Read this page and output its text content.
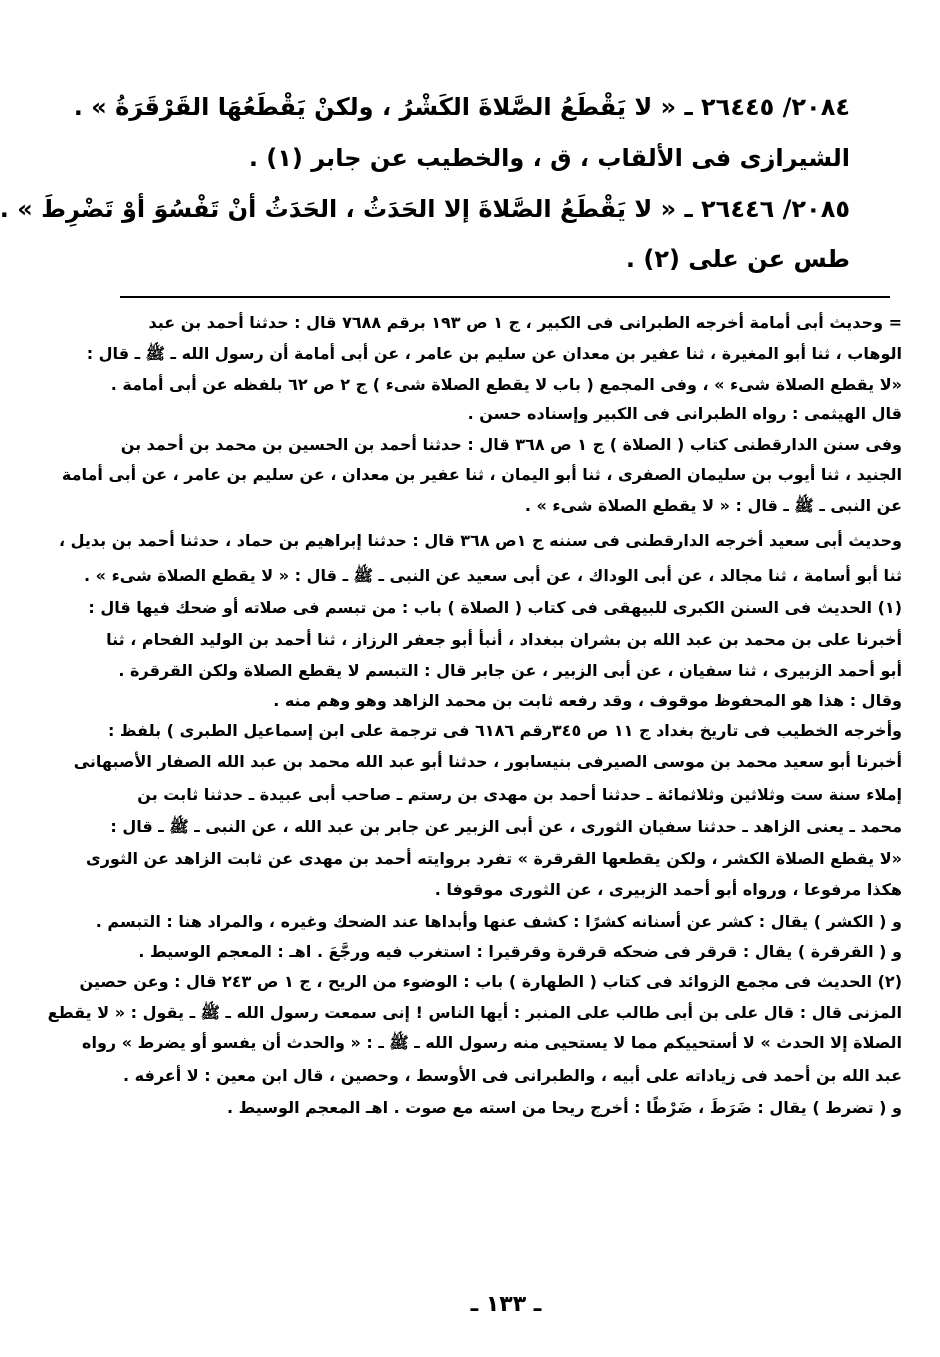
٢٠٨٤/ ٢٦٤٤٥ ـ « لا يَقْطَعُ الصَّلاةَ الكَشْرُ ، ولكنْ يَقْطَعُهَا القَرْقَرَةُ » .
الشيرازى فى الألقاب ، ق ، والخطيب عن جابر (١) .
٢٠٨٥/ ٢٦٤٤٦ ـ « لا يَقْطَعُ الصَّلاةَ إلا الحَدَثُ ، الحَدَثُ أنْ تَفْسُوَ أوْ تَضْرِطَ » .
طس عن على (٢) .
= وحديث أبى أمامة أخرجه الطبرانى فى الكبير ، ج ١ ص ١٩٣ برقم ٧٦٨٨ قال : حدثنا أحمد بن عبد
الوهاب ، ثنا أبو المغيرة ، ثنا عفير بن معدان عن سليم بن عامر ، عن أبى أمامة أن رسول الله ـ ﷺ ـ قال :
«لا يقطع الصلاة شىء » ، وفى المجمع ( باب لا يقطع الصلاة شىء ) ج ٢ ص ٦٢ بلفظه عن أبى أمامة .
قال الهيثمى : رواه الطبرانى فى الكبير وإسناده حسن .
وفى سنن الدارقطنى كتاب ( الصلاة ) ج ١ ص ٣٦٨ قال : حدثنا أحمد بن الحسين بن محمد بن أحمد بن
الجنيد ، ثنا أيوب بن سليمان الصفرى ، ثنا أبو اليمان ، ثنا عفير بن معدان ، عن سليم بن عامر ، عن أبى أمامة
عن النبى ـ ﷺ ـ قال : « لا يقطع الصلاة شىء » .
وحديث أبى سعيد أخرجه الدارقطنى فى سننه ج ١ص ٣٦٨ قال : حدثنا إبراهيم بن حماد ، حدثنا أحمد بن بديل ،
ثنا أبو أسامة ، ثنا مجالد ، عن أبى الوداك ، عن أبى سعيد عن النبى ـ ﷺ ـ قال : « لا يقطع الصلاة شىء » .
(١) الحديث فى السنن الكبرى للبيهقى فى كتاب ( الصلاة ) باب : من تبسم فى صلاته أو ضحك فيها قال :
أخبرنا على بن محمد بن عبد الله بن بشران ببغداد ، أنبأ أبو جعفر الرزاز ، ثنا أحمد بن الوليد الفحام ، ثنا
أبو أحمد الزبيرى ، ثنا سفيان ، عن أبى الزبير ، عن جابر قال : التبسم لا يقطع الصلاة ولكن القرقرة .
وقال : هذا هو المحفوظ موقوف ، وقد رفعه ثابت بن محمد الزاهد وهو وهم منه .
وأخرجه الخطيب فى تاريخ بغداد ج ١١ ص ٣٤٥رقم ٦١٨٦ فى ترجمة على ابن إسماعيل الطبرى ) بلفظ :
أخبرنا أبو سعيد محمد بن موسى الصيرفى بنيسابور ، حدثنا أبو عبد الله محمد بن عبد الله الصفار الأصبهانى
إملاء سنة ست وثلاثين وثلاثمائة ـ حدثنا أحمد بن مهدى بن رستم ـ صاحب أبى عبيدة ـ حدثنا ثابت بن
محمد ـ يعنى الزاهد ـ حدثنا سفيان الثورى ، عن أبى الزبير عن جابر بن عبد الله ، عن النبى ـ ﷺ ـ قال :
«لا يقطع الصلاة الكشر ، ولكن يقطعها القرقرة » تفرد بروايته أحمد بن مهدى عن ثابت الزاهد عن الثورى
هكذا مرفوعا ، ورواه أبو أحمد الزبيرى ، عن الثورى موقوفا .
و ( الكشر ) يقال : كشر عن أسنانه كشرًا : كشف عنها وأبداها عند الضحك وغيره ، والمراد هنا : التبسم .
و ( القرقرة ) يقال : قرقر فى ضحكه قرقرة وقرقيرا : استغرب فيه ورجَّعَ . اهـ : المعجم الوسيط .
(٢) الحديث فى مجمع الزوائد فى كتاب ( الطهارة ) باب : الوضوء من الريح ، ج ١ ص ٢٤٣ قال : وعن حصين
المزنى قال : قال على بن أبى طالب على المنبر : أيها الناس ! إنى سمعت رسول الله ـ ﷺ ـ يقول : « لا يقطع
الصلاة إلا الحدث » لا أستحييكم مما لا يستحيى منه رسول الله ـ ﷺ ـ : « والحدث أن يفسو أو يضرط » رواه
عبد الله بن أحمد فى زياداته على أبيه ، والطبرانى فى الأوسط ، وحصين ، قال ابن معين : لا أعرفه .
و ( تضرط ) يقال : ضَرَطَ ، ضَرْطًا : أخرج ريحا من استه مع صوت . اهـ المعجم الوسيط .
ـ ١٣٣ ـ
